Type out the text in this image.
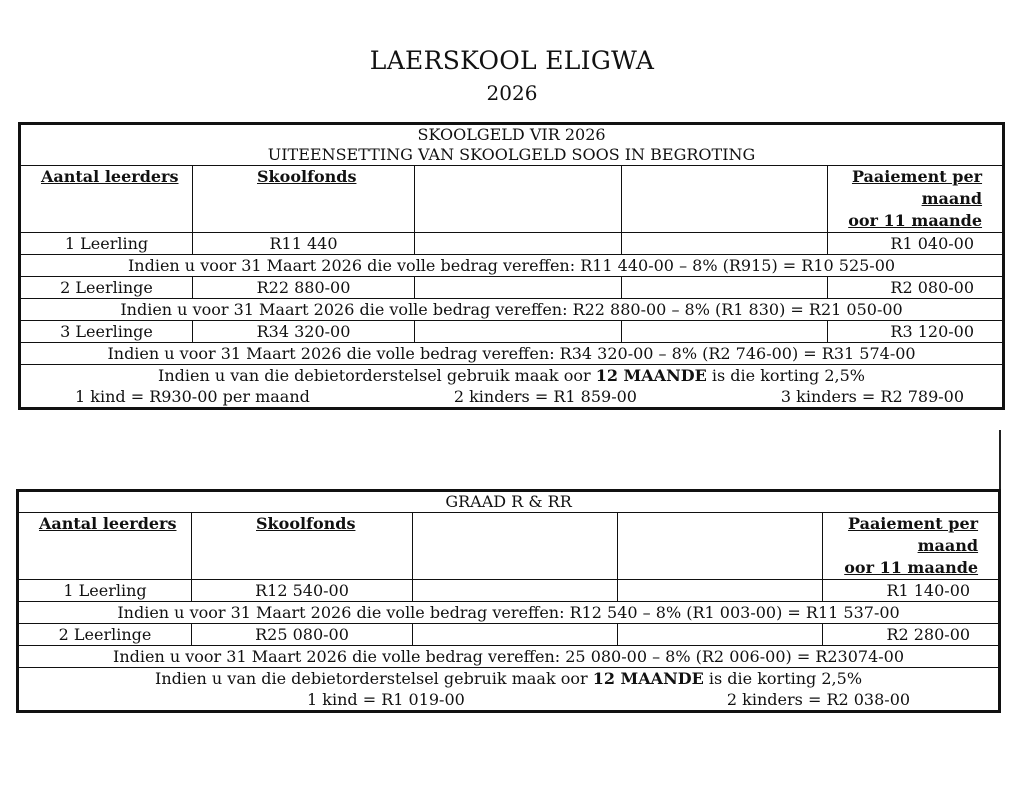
LAERSKOOL ELIGWA
2026
SKOOLGELD VIR 2026
UITEENSETTING VAN SKOOLGELD SOOS IN BEGROTING				

Aantal leerders	Skoolfonds			Paaiement per
maand
oor 11 maande

1 Leerling	R11 440			R1 040-00
Indien u voor 31 Maart 2026 die volle bedrag vereffen: R11 440-00 – 8% (R915) = R10 525-00				
2 Leerlinge	R22 880-00			R2 080-00
Indien u voor 31 Maart 2026 die volle bedrag vereffen: R22 880-00 – 8% (R1 830) = R21 050-00				
3 Leerlinge	R34 320-00			R3 120-00
Indien u voor 31 Maart 2026 die volle bedrag vereffen: R34 320-00 – 8% (R2 746-00) = R31 574-00				
Indien u van die debietorderstelsel gebruik maak oor 12 MAANDE is die korting 2,5%
1 kind = R930-00 per maand 2 kinders = R1 859-00 3 kinders = R2 789-00				
GRAAD R & RR				
Aantal leerders	Skoolfonds			Paaiement per
maand
oor 11 maande

1 Leerling	R12 540-00			R1 140-00
Indien u voor 31 Maart 2026 die volle bedrag vereffen: R12 540 – 8% (R1 003-00) = R11 537-00				
2 Leerlinge	R25 080-00			R2 280-00
Indien u voor 31 Maart 2026 die volle bedrag vereffen: 25 080-00 – 8% (R2 006-00) = R23074-00				
Indien u van die debietorderstelsel gebruik maak oor 12 MAANDE is die korting 2,5%
1 kind = R1 019-00 2 kinders = R2 038-00				
